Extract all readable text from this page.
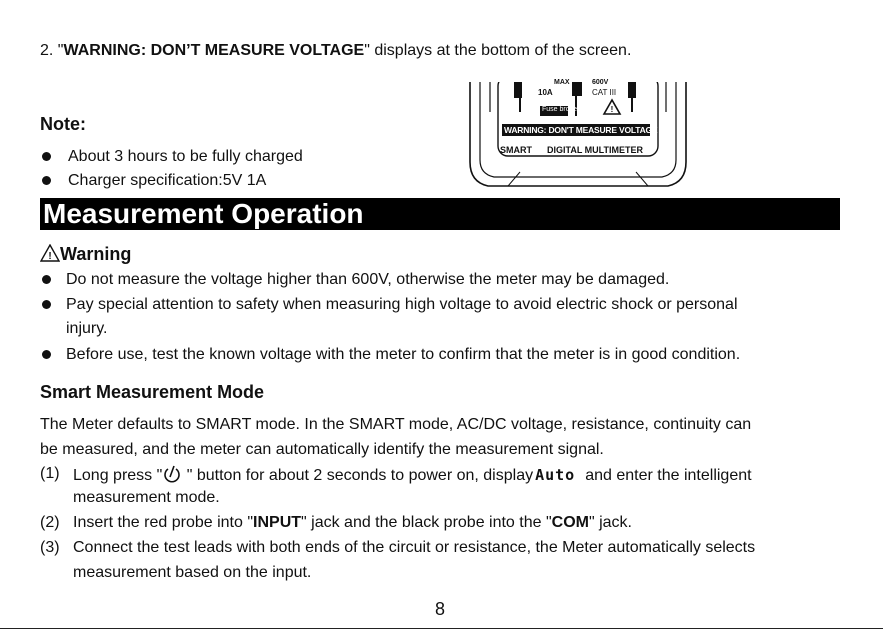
2. "WARNING: DON’T MEASURE VOLTAGE" displays at the bottom of the screen.
Note:
About 3 hours to be fully charged
Charger specification:5V 1A
!
MAX
10A
Fuse broken
600V
CAT III
WARNING: DON'T MEASURE VOLTAGE
SMART DIGITAL MULTIMETER
Measurement Operation
! Warning
Do not measure the voltage higher than 600V, otherwise the meter may be damaged.
Pay special attention to safety when measuring high voltage to avoid electric shock or personal
injury.
Before use, test the known voltage with the meter to confirm that the meter is in good condition.
Smart Measurement Mode
The Meter defaults to SMART mode. In the SMART mode, AC/DC voltage, resistance, continuity can
be measured, and the meter can automatically identify the measurement signal.
(1) Long press " " button for about 2 seconds to power on, display Auto and enter the intelligent
measurement mode.
(2) Insert the red probe into "INPUT" jack and the black probe into the "COM" jack.
(3) Connect the test leads with both ends of the circuit or resistance, the Meter automatically selects
measurement based on the input.
8
